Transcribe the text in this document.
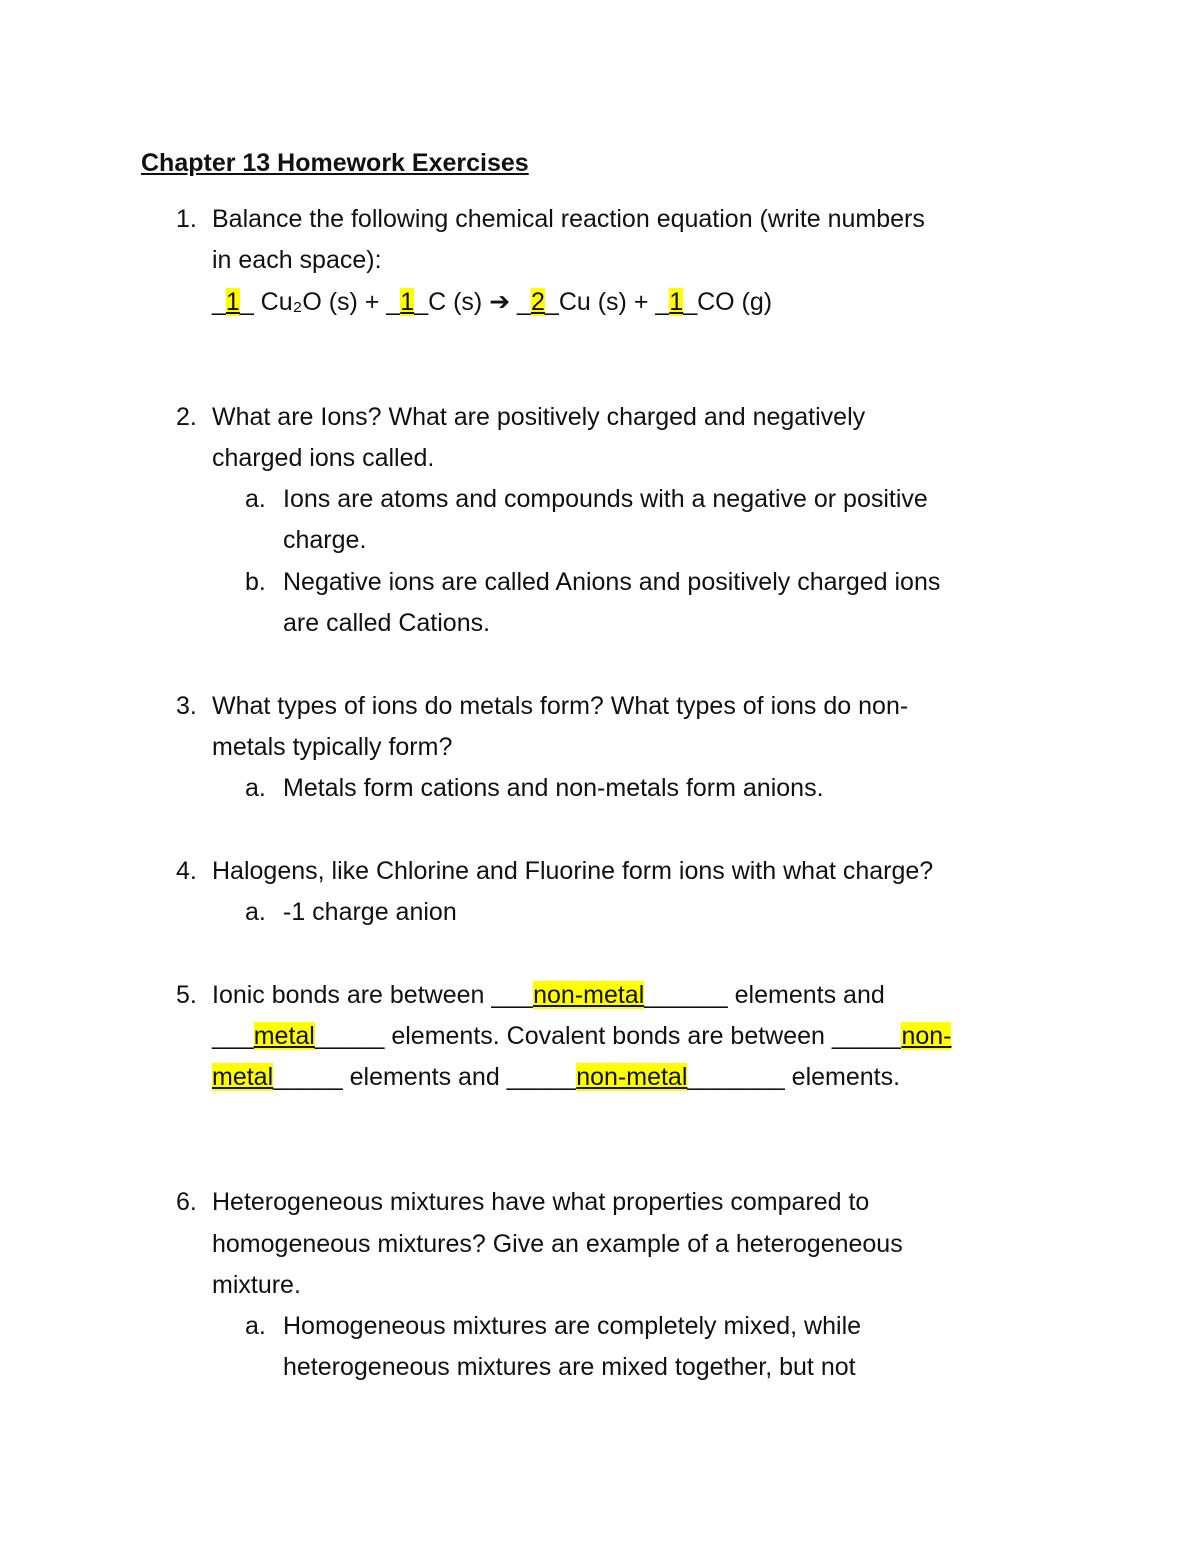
Chapter 13 Homework Exercises
1. Balance the following chemical reaction equation (write numbers
in each space):
_1_ Cu₂O (s) + _1_C (s) ➔ _2_Cu (s) + _1_CO (g)
2. What are Ions? What are positively charged and negatively
charged ions called.
a. Ions are atoms and compounds with a negative or positive
charge.
b. Negative ions are called Anions and positively charged ions
are called Cations.
3. What types of ions do metals form? What types of ions do non-
metals typically form?
a. Metals form cations and non-metals form anions.
4. Halogens, like Chlorine and Fluorine form ions with what charge?
a. -1 charge anion
5. Ionic bonds are between ___non-metal______ elements and
___metal_____ elements. Covalent bonds are between _____non-
metal_____ elements and _____non-metal_______ elements.
6. Heterogeneous mixtures have what properties compared to
homogeneous mixtures? Give an example of a heterogeneous
mixture.
a. Homogeneous mixtures are completely mixed, while
heterogeneous mixtures are mixed together, but not
